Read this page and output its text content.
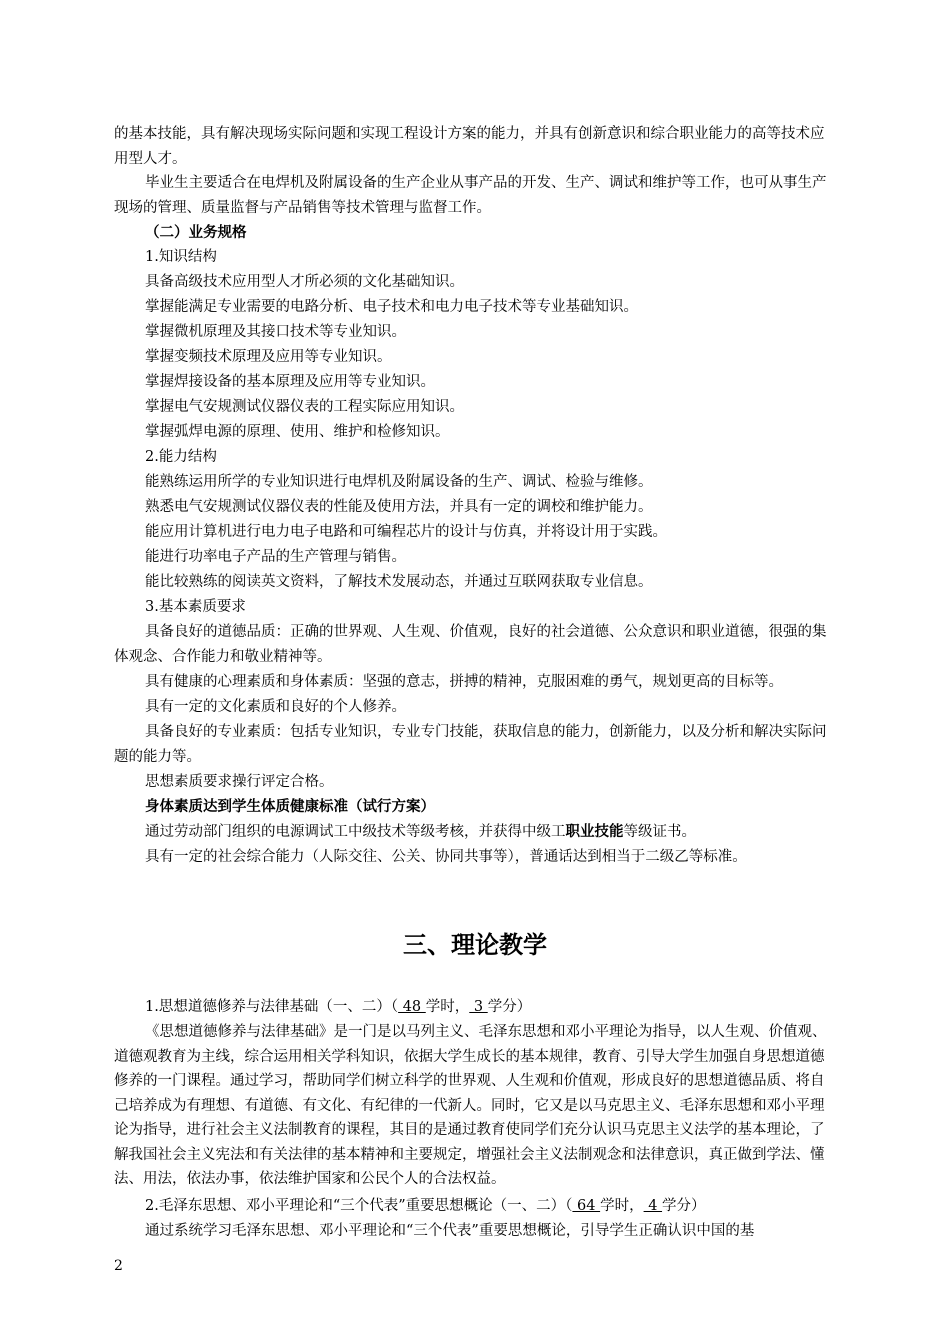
的基本技能，具有解决现场实际问题和实现工程设计方案的能力，并具有创新意识和综合职业能力的高等技术应用型人才。

毕业生主要适合在电焊机及附属设备的生产企业从事产品的开发、生产、调试和维护等工作，也可从事生产现场的管理、质量监督与产品销售等技术管理与监督工作。

（二）业务规格

1.知识结构

具备高级技术应用型人才所必须的文化基础知识。

掌握能满足专业需要的电路分析、电子技术和电力电子技术等专业基础知识。

掌握微机原理及其接口技术等专业知识。

掌握变频技术原理及应用等专业知识。

掌握焊接设备的基本原理及应用等专业知识。

掌握电气安规测试仪器仪表的工程实际应用知识。

掌握弧焊电源的原理、使用、维护和检修知识。

2.能力结构

能熟练运用所学的专业知识进行电焊机及附属设备的生产、调试、检验与维修。

熟悉电气安规测试仪器仪表的性能及使用方法，并具有一定的调校和维护能力。

能应用计算机进行电力电子电路和可编程芯片的设计与仿真，并将设计用于实践。

能进行功率电子产品的生产管理与销售。

能比较熟练的阅读英文资料，了解技术发展动态，并通过互联网获取专业信息。

3.基本素质要求

具备良好的道德品质：正确的世界观、人生观、价值观，良好的社会道德、公众意识和职业道德，很强的集体观念、合作能力和敬业精神等。

具有健康的心理素质和身体素质：坚强的意志，拼搏的精神，克服困难的勇气，规划更高的目标等。

具有一定的文化素质和良好的个人修养。

具备良好的专业素质：包括专业知识，专业专门技能，获取信息的能力，创新能力，以及分析和解决实际问题的能力等。

思想素质要求操行评定合格。

身体素质达到学生体质健康标准（试行方案）

通过劳动部门组织的电源调试工中级技术等级考核，并获得中级工职业技能等级证书。

具有一定的社会综合能力（人际交往、公关、协同共事等），普通话达到相当于二级乙等标准。

三、理论教学

1.思想道德修养与法律基础（一、二）（ 48 学时， 3 学分）

《思想道德修养与法律基础》是一门是以马列主义、毛泽东思想和邓小平理论为指导，以人生观、价值观、道德观教育为主线，综合运用相关学科知识，依据大学生成长的基本规律，教育、引导大学生加强自身思想道德修养的一门课程。通过学习，帮助同学们树立科学的世界观、人生观和价值观，形成良好的思想道德品质、将自己培养成为有理想、有道德、有文化、有纪律的一代新人。同时，它又是以马克思主义、毛泽东思想和邓小平理论为指导，进行社会主义法制教育的课程，其目的是通过教育使同学们充分认识马克思主义法学的基本理论，了解我国社会主义宪法和有关法律的基本精神和主要规定，增强社会主义法制观念和法律意识，真正做到学法、懂法、用法，依法办事，依法维护国家和公民个人的合法权益。

2.毛泽东思想、邓小平理论和“三个代表”重要思想概论（一、二）（ 64 学时， 4 学分）

通过系统学习毛泽东思想、邓小平理论和“三个代表”重要思想概论，引导学生正确认识中国的基

2
